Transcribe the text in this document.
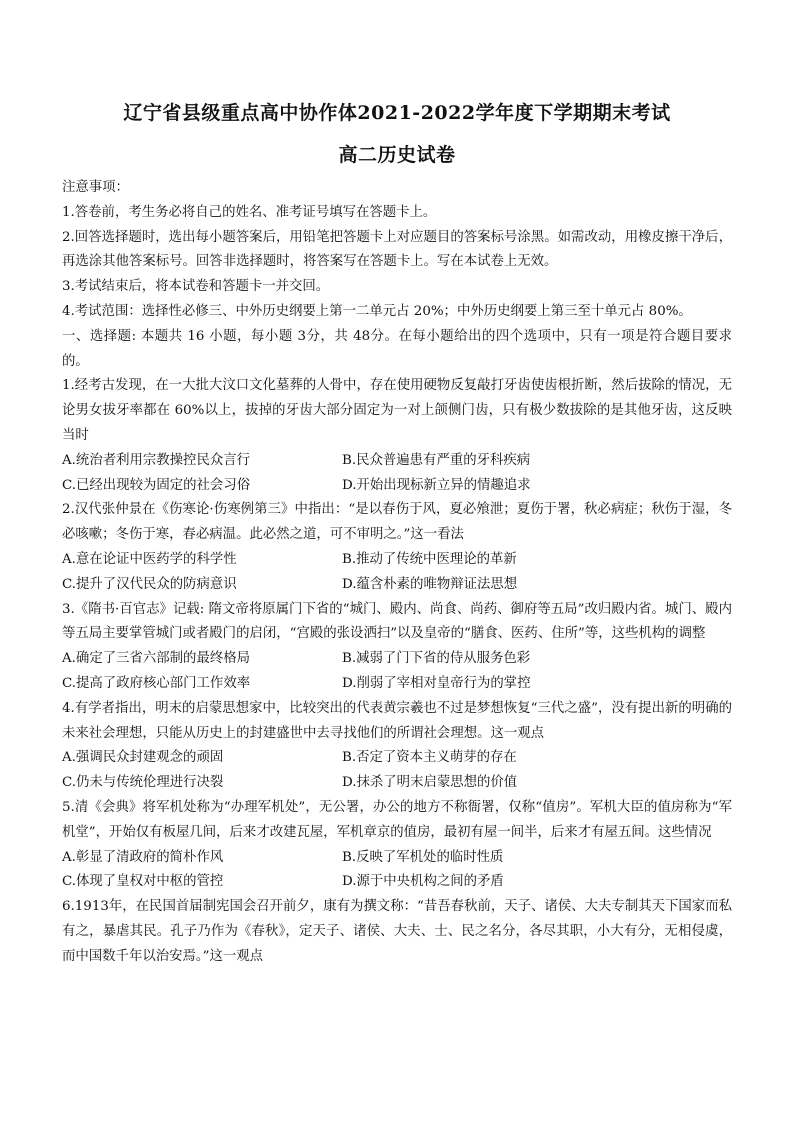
辽宁省县级重点高中协作体2021-2022学年度下学期期末考试
高二历史试卷

注意事项：

1.答卷前，考生务必将自己的姓名、准考证号填写在答题卡上。

2.回答选择题时，选出每小题答案后，用铅笔把答题卡上对应题目的答案标号涂黑。如需改动，用橡皮擦干净后，再选涂其他答案标号。回答非选择题时，将答案写在答题卡上。写在本试卷上无效。

3.考试结束后，将本试卷和答题卡一并交回。

4.考试范围：选择性必修三、中外历史纲要上第一二单元占 20%；中外历史纲要上第三至十单元占 80%。

一、选择题: 本题共 16 小题，每小题 3分，共 48分。在每小题给出的四个选项中，只有一项是符合题目要求的。

1.经考古发现，在一大批大汶口文化墓葬的人骨中，存在使用硬物反复敲打牙齿使齿根折断，然后拔除的情况，无论男女拔牙率都在 60%以上，拔掉的牙齿大部分固定为一对上颌侧门齿，只有极少数拔除的是其他牙齿，这反映当时

A.统治者利用宗教操控民众言行	B.民众普遍患有严重的牙科疾病
C.已经出现较为固定的社会习俗	D.开始出现标新立异的情趣追求

2.汉代张仲景在《伤寒论·伤寒例第三》中指出：“是以春伤于风，夏必飧泄；夏伤于署，秋必病症；秋伤于湿，冬必咳嗽；冬伤于寒，春必病温。此必然之道，可不审明之。”这一看法

A.意在论证中医药学的科学性	B.推动了传统中医理论的革新
C.提升了汉代民众的防病意识	D.蕴含朴素的唯物辩证法思想

3.《隋书·百官志》记载: 隋文帝将原属门下省的“城门、殿内、尚食、尚药、御府等五局”改归殿内省。城门、殿内等五局主要掌管城门或者殿门的启闭，“宫殿的张设洒扫”以及皇帝的“膳食、医药、住所”等，这些机构的调整

A.确定了三省六部制的最终格局	B.减弱了门下省的侍从服务色彩
C.提高了政府核心部门工作效率	D.削弱了宰相对皇帝行为的掌控

4.有学者指出，明末的启蒙思想家中，比较突出的代表黄宗羲也不过是梦想恢复“三代之盛”，没有提出新的明确的未来社会理想，只能从历史上的封建盛世中去寻找他们的所谓社会理想。这一观点

A.强调民众封建观念的顽固	B.否定了资本主义萌芽的存在
C.仍未与传统伦理进行决裂	D.抹杀了明末启蒙思想的价值

5.清《会典》将军机处称为“办理军机处”，无公署，办公的地方不称衙署，仅称“值房”。军机大臣的值房称为“军机堂”，开始仅有板屋几间，后来才改建瓦屋，军机章京的值房，最初有屋一间半，后来才有屋五间。这些情况

A.彰显了清政府的简朴作风	B.反映了军机处的临时性质
C.体现了皇权对中枢的管控	D.源于中央机构之间的矛盾

6.1913年，在民国首届制宪国会召开前夕，康有为撰文称：“昔吾春秋前，天子、诸侯、大夫专制其天下国家而私有之，暴虐其民。孔子乃作为《春秋》，定天子、诸侯、大夫、士、民之名分，各尽其职，小大有分，无相侵虞，而中国数千年以治安焉。”这一观点
